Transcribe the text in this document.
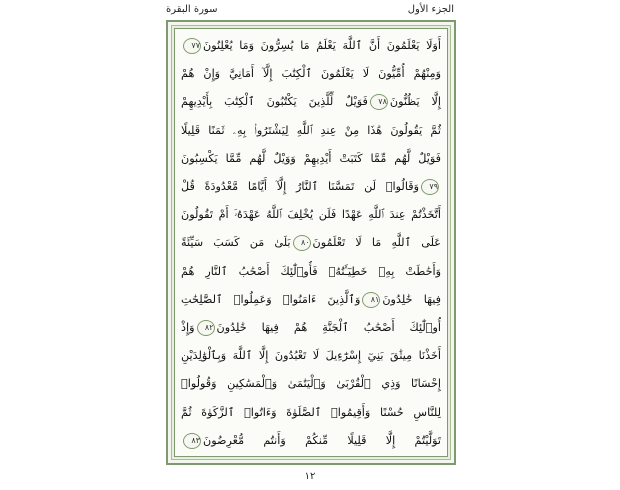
الجزء الأول
سورة البقرة
أَوَلَا يَعْلَمُونَ أَنَّ ٱللَّهَ يَعْلَمُ مَا يُسِرُّونَ وَمَا يُعْلِنُونَ٧٧
وَمِنْهُمْ أُمِّيُّونَ لَا يَعْلَمُونَ ٱلْكِتَٰبَ إِلَّآ أَمَانِيَّ وَإِنْ هُمْ
إِلَّا يَظُنُّونَ٧٨فَوَيْلٌ لِّلَّذِينَ يَكْتُبُونَ ٱلْكِتَٰبَ بِأَيْدِيهِمْ
ثُمَّ يَقُولُونَ هَٰذَا مِنْ عِندِ ٱللَّهِ لِيَشْتَرُوا۟ بِهِۦ ثَمَنًا قَلِيلًا
فَوَيْلٌ لَّهُم مِّمَّا كَتَبَتْ أَيْدِيهِمْ وَوَيْلٌ لَّهُم مِّمَّا يَكْسِبُونَ
٧٩وَقَالُوا۟ لَن تَمَسَّنَا ٱلنَّارُ إِلَّآ أَيَّامًا مَّعْدُودَةً قُلْ
أَتَّخَذْتُمْ عِندَ ٱللَّهِ عَهْدًا فَلَن يُخْلِفَ ٱللَّهُ عَهْدَهُۥٓ أَمْ تَقُولُونَ
عَلَى ٱللَّهِ مَا لَا تَعْلَمُونَ٨٠بَلَىٰ مَن كَسَبَ سَيِّئَةً
وَأَحَٰطَتْ بِهِۦ خَطِيٓـَٔتُهُۥ فَأُو۟لَٰٓئِكَ أَصْحَٰبُ ٱلنَّارِ هُمْ
فِيهَا خَٰلِدُونَ٨١وَٱلَّذِينَ ءَامَنُوا۟ وَعَمِلُوا۟ ٱلصَّٰلِحَٰتِ
أُو۟لَٰٓئِكَ أَصْحَٰبُ ٱلْجَنَّةِ هُمْ فِيهَا خَٰلِدُونَ٨٢وَإِذْ
أَخَذْنَا مِيثَٰقَ بَنِيٓ إِسْرَٰٓءِيلَ لَا تَعْبُدُونَ إِلَّا ٱللَّهَ وَبِٱلْوَٰلِدَيْنِ
إِحْسَانًا وَذِي ٱلْقُرْبَىٰ وَٱلْيَتَٰمَىٰ وَٱلْمَسَٰكِينِ وَقُولُوا۟
لِلنَّاسِ حُسْنًا وَأَقِيمُوا۟ ٱلصَّلَوٰةَ وَءَاتُوا۟ ٱلزَّكَوٰةَ ثُمَّ
تَوَلَّيْتُمْ إِلَّا قَلِيلًا مِّنكُمْ وَأَنتُم مُّعْرِضُونَ٨٣
١٢
